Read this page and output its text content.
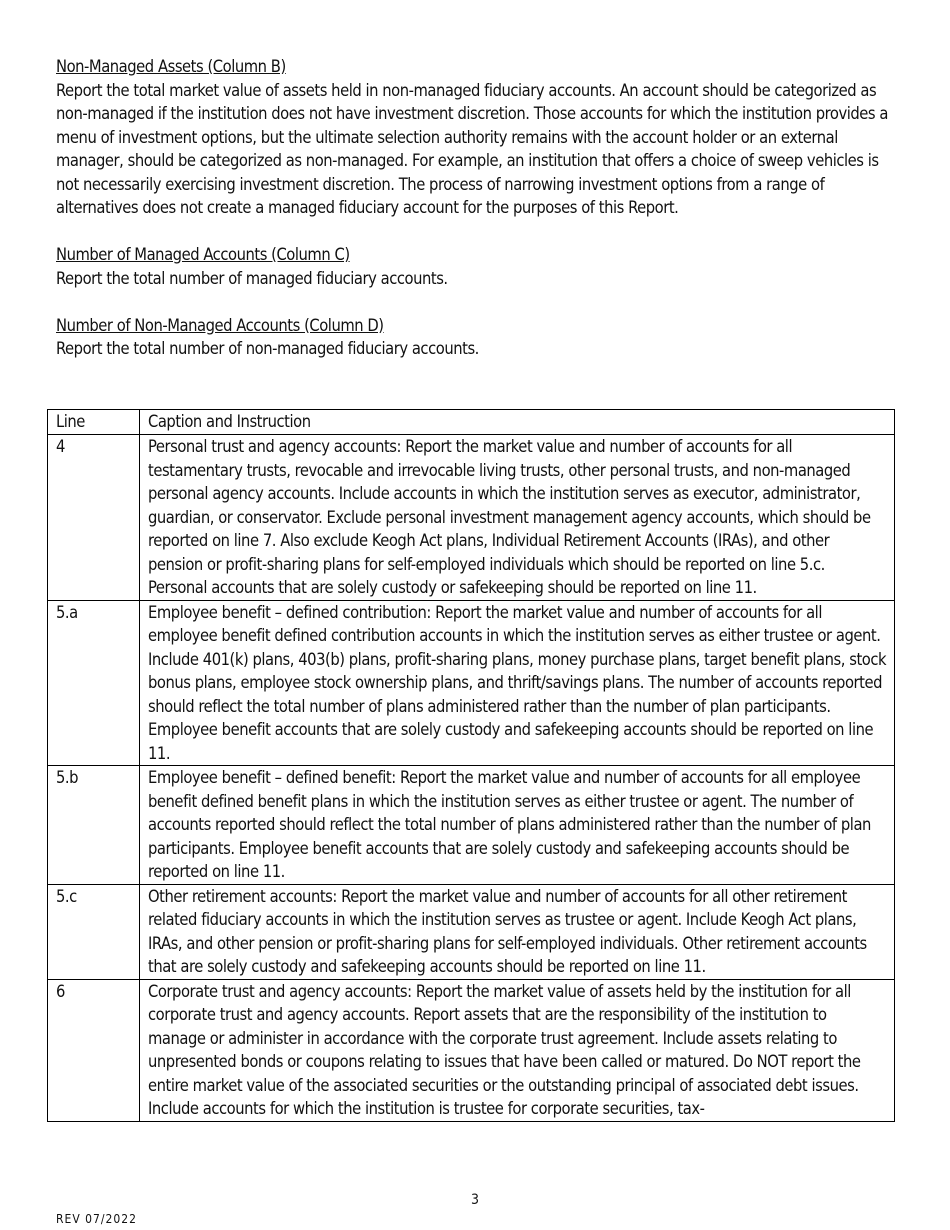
Non-Managed Assets (Column B)
Report the total market value of assets held in non-managed fiduciary accounts. An account should be categorized as non-managed if the institution does not have investment discretion. Those accounts for which the institution provides a menu of investment options, but the ultimate selection authority remains with the account holder or an external manager, should be categorized as non-managed. For example, an institution that offers a choice of sweep vehicles is not necessarily exercising investment discretion. The process of narrowing investment options from a range of alternatives does not create a managed fiduciary account for the purposes of this Report.
Number of Managed Accounts (Column C)
Report the total number of managed fiduciary accounts.
Number of Non-Managed Accounts (Column D)
Report the total number of non-managed fiduciary accounts.
Line	Caption and Instruction
4	Personal trust and agency accounts: Report the market value and number of accounts for all testamentary trusts, revocable and irrevocable living trusts, other personal trusts, and non-managed personal agency accounts. Include accounts in which the institution serves as executor, administrator, guardian, or conservator. Exclude personal investment management agency accounts, which should be reported on line 7. Also exclude Keogh Act plans, Individual Retirement Accounts (IRAs), and other pension or profit-sharing plans for self-employed individuals which should be reported on line 5.c. Personal accounts that are solely custody or safekeeping should be reported on line 11.
5.a	Employee benefit – defined contribution: Report the market value and number of accounts for all employee benefit defined contribution accounts in which the institution serves as either trustee or agent. Include 401(k) plans, 403(b) plans, profit-sharing plans, money purchase plans, target benefit plans, stock bonus plans, employee stock ownership plans, and thrift/savings plans. The number of accounts reported should reflect the total number of plans administered rather than the number of plan participants. Employee benefit accounts that are solely custody and safekeeping accounts should be reported on line 11.
5.b	Employee benefit – defined benefit: Report the market value and number of accounts for all employee benefit defined benefit plans in which the institution serves as either trustee or agent. The number of accounts reported should reflect the total number of plans administered rather than the number of plan participants. Employee benefit accounts that are solely custody and safekeeping accounts should be reported on line 11.
5.c	Other retirement accounts: Report the market value and number of accounts for all other retirement related fiduciary accounts in which the institution serves as trustee or agent. Include Keogh Act plans, IRAs, and other pension or profit-sharing plans for self-employed individuals. Other retirement accounts that are solely custody and safekeeping accounts should be reported on line 11.
6	Corporate trust and agency accounts: Report the market value of assets held by the institution for all corporate trust and agency accounts. Report assets that are the responsibility of the institution to manage or administer in accordance with the corporate trust agreement. Include assets relating to unpresented bonds or coupons relating to issues that have been called or matured. Do NOT report the entire market value of the associated securities or the outstanding principal of associated debt issues. Include accounts for which the institution is trustee for corporate securities, tax-
3
REV 07/2022
